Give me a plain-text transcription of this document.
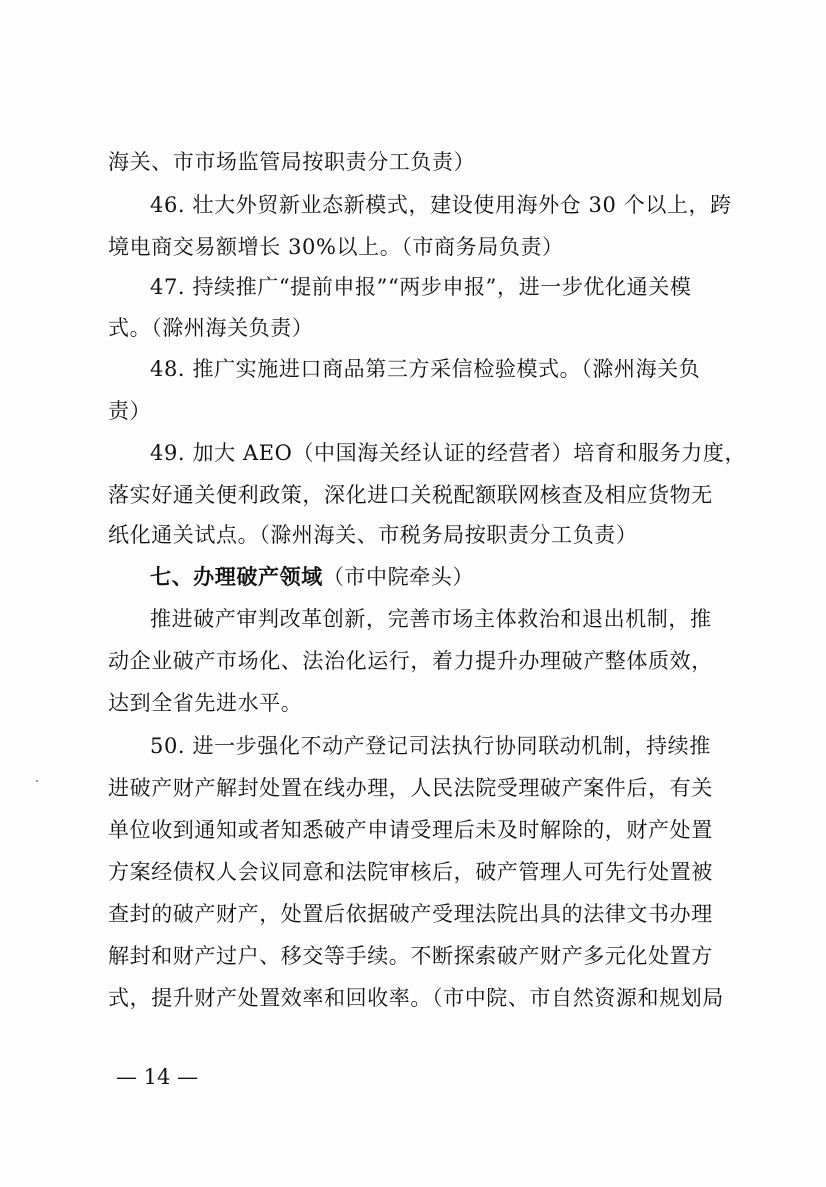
海关、市市场监管局按职责分工负责）
46. 壮大外贸新业态新模式，建设使用海外仓 30 个以上，跨
境电商交易额增长 30%以上。（市商务局负责）
47. 持续推广“提前申报”“两步申报”，进一步优化通关模
式。（滁州海关负责）
48. 推广实施进口商品第三方采信检验模式。（滁州海关负
责）
49. 加大 AEO（中国海关经认证的经营者）培育和服务力度，
落实好通关便利政策，深化进口关税配额联网核查及相应货物无
纸化通关试点。（滁州海关、市税务局按职责分工负责）
七、办理破产领域（市中院牵头）
推进破产审判改革创新，完善市场主体救治和退出机制，推
动企业破产市场化、法治化运行，着力提升办理破产整体质效，
达到全省先进水平。
50. 进一步强化不动产登记司法执行协同联动机制，持续推
进破产财产解封处置在线办理，人民法院受理破产案件后，有关
单位收到通知或者知悉破产申请受理后未及时解除的，财产处置
方案经债权人会议同意和法院审核后，破产管理人可先行处置被
查封的破产财产，处置后依据破产受理法院出具的法律文书办理
解封和财产过户、移交等手续。不断探索破产财产多元化处置方
式，提升财产处置效率和回收率。（市中院、市自然资源和规划局
— 14 —
